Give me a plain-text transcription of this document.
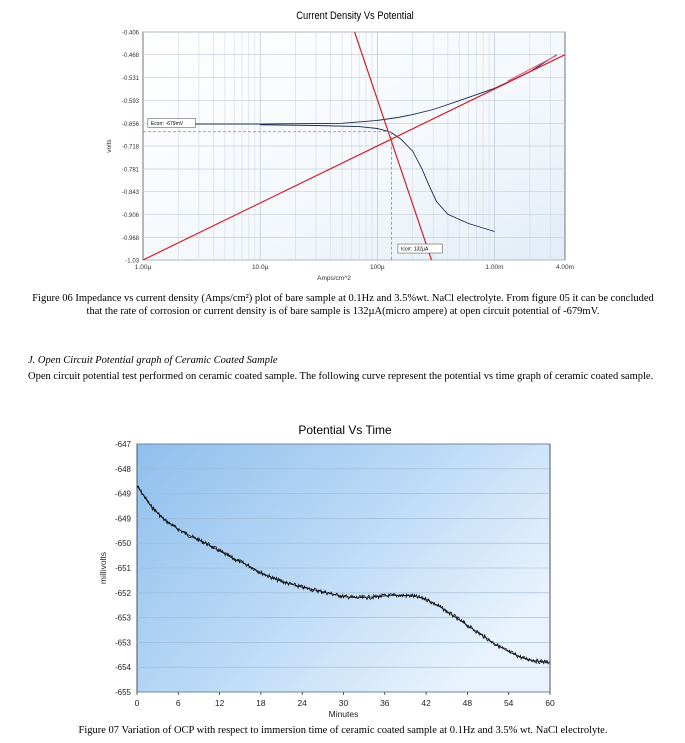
Current Density Vs Potential
-0.406
-0.468
-0.531
-0.593
-0.656
-0.718
-0.781
-0.843
-0.906
-0.968
-1.03
1.00µ	10.0µ	100µ	1.00m	4.00m
Amps/cm^2
volts
Ecorr: -679mV
Icorr: 132µA
Figure 06 Impedance vs current density (Amps/cm²) plot of bare sample at 0.1Hz and 3.5%wt. NaCl electrolyte. From figure 05 it can be concluded that the rate of corrosion or current density is of bare sample is 132µA(micro ampere) at open circuit potential of -679mV.
J. Open Circuit Potential graph of Ceramic Coated Sample
Open circuit potential test performed on ceramic coated sample. The following curve represent the potential vs time graph of ceramic coated sample.
Potential Vs Time
-647
-648
-649
-649
-650
-651
-652
-653
-653
-654
-655
0	6	12	18	24	30	36	42	48	54	60
Minutes
millivolts
Figure 07 Variation of OCP with respect to immersion time of ceramic coated sample at 0.1Hz and 3.5% wt. NaCl electrolyte.
